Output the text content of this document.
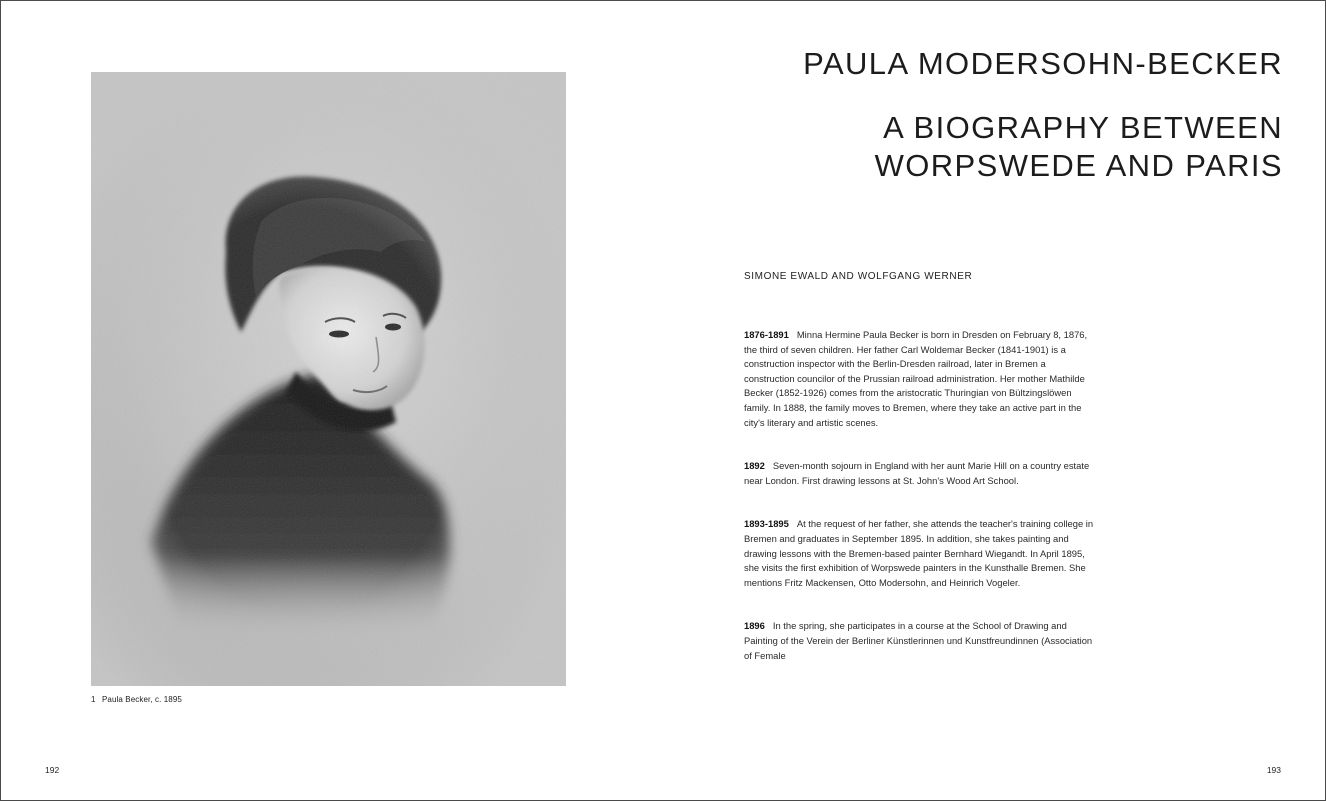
1 Paula Becker, c. 1895
192

PAULA MODERSOHN-BECKER

A BIOGRAPHY BETWEEN

WORPSWEDE AND PARIS

SIMONE EWALD AND WOLFGANG WERNER

1876-1891 Minna Hermine Paula Becker is born in Dresden on February 8, 1876, the third of seven children. Her father Carl Woldemar Becker (1841-1901) is a construction inspector with the Berlin-Dresden railroad, later in Bremen a construction councilor of the Prussian railroad administration. Her mother Mathilde Becker (1852-1926) comes from the aristocratic Thuringian von Bültzingslöwen family. In 1888, the family moves to Bremen, where they take an active part in the city's literary and artistic scenes.

1892 Seven-month sojourn in England with her aunt Marie Hill on a country estate near London. First drawing lessons at St. John's Wood Art School.

1893-1895 At the request of her father, she attends the teacher's training college in Bremen and graduates in September 1895. In addition, she takes painting and drawing lessons with the Bremen-based painter Bernhard Wiegandt. In April 1895, she visits the first exhibition of Worpswede painters in the Kunsthalle Bremen. She mentions Fritz Mackensen, Otto Modersohn, and Heinrich Vogeler.

1896 In the spring, she participates in a course at the School of Drawing and Painting of the Verein der Berliner Künstlerinnen und Kunstfreundinnen (Association of Female

193
